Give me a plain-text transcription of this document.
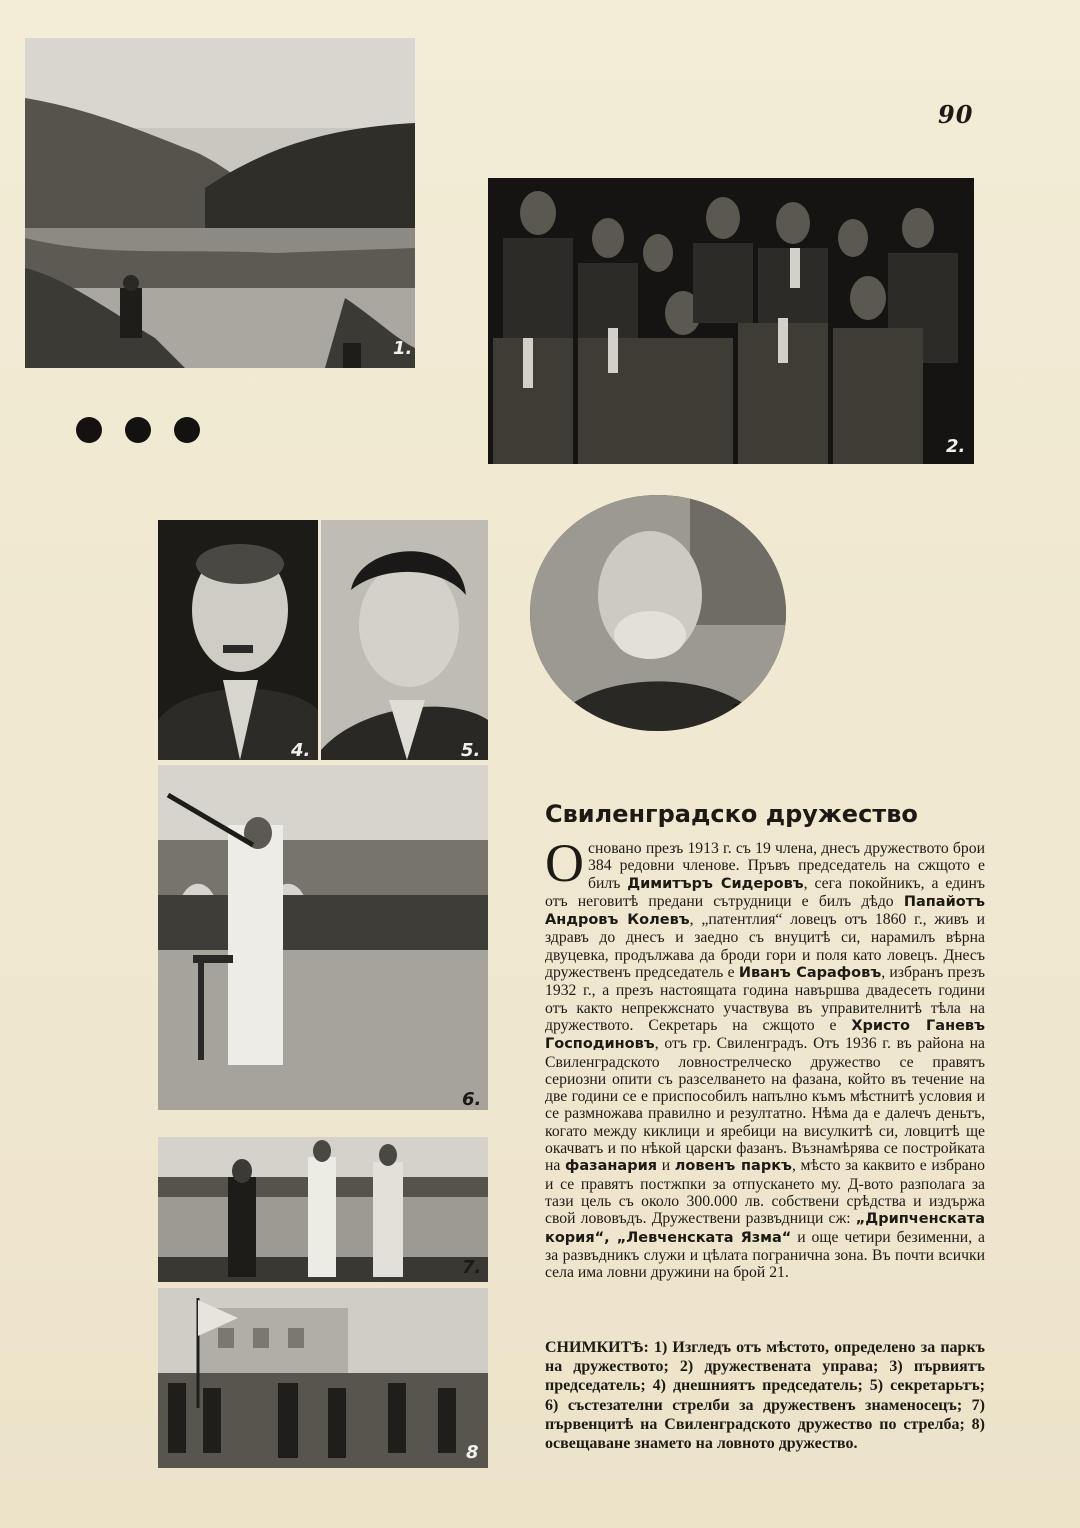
90
1.
2.
4.	5.
3.
6.
7.
8
Свиленградско дружество
О сновано презъ 1913 г. съ 19 члена, днесъ дружеството брои 384 редовни членове. Пръвъ председатель на сжщото е билъ Димитъръ Сидеровъ, сега покойникъ, а единъ отъ неговитѣ предани сътрудници е билъ дѣдо Папайотъ Андровъ Колевъ, „патентлия“ ловецъ отъ 1860 г., живъ и здравъ до днесъ и заедно съ внуцитѣ си, нарамилъ вѣрна двуцевка, продължава да броди гори и поля като ловецъ. Днесъ дружественъ председатель е Иванъ Сарафовъ, избранъ презъ 1932 г., а презъ настоящата година навършва двадесеть години отъ както непрекжснато участвува въ управителнитѣ тѣла на дружеството. Секретарь на сжщото е Христо Ганевъ Господиновъ, отъ гр. Свиленградъ. Отъ 1936 г. въ района на Свиленградското ловнострелческо дружество се правятъ сериозни опити съ разселването на фазана, който въ течение на две години се е приспособилъ напълно къмъ мѣстнитѣ условия и се размножава правилно и резултатно. Нѣма да е далечъ деньтъ, когато между киклици и яребици на висулкитѣ си, ловцитѣ ще окачватъ и по нѣкой царски фазанъ. Възнамѣрява се постройката на фазанария и ловенъ паркъ, мѣсто за каквито е избрано и се правятъ постжпки за отпускането му. Д-вото разполага за тази цель съ около 300.000 лв. собствени срѣдства и издържа свой лововъдъ. Дружествени развъдници сж: „Дрипченската кория“, „Левченската Язма“ и още четири безименни, а за развъдникъ служи и цѣлата погранична зона. Въ почти всички села има ловни дружини на брой 21.
СНИМКИТѢ: 1) Изгледъ отъ мѣстото, определено за паркъ на дружеството; 2) дружествената управа; 3) първиятъ председатель; 4) днешниятъ председатель; 5) секретарьтъ; 6) състезателни стрелби за дружественъ знаменосецъ; 7) първенцитѣ на Свиленградското дружество по стрелба; 8) освещаване знамето на ловното дружество.
